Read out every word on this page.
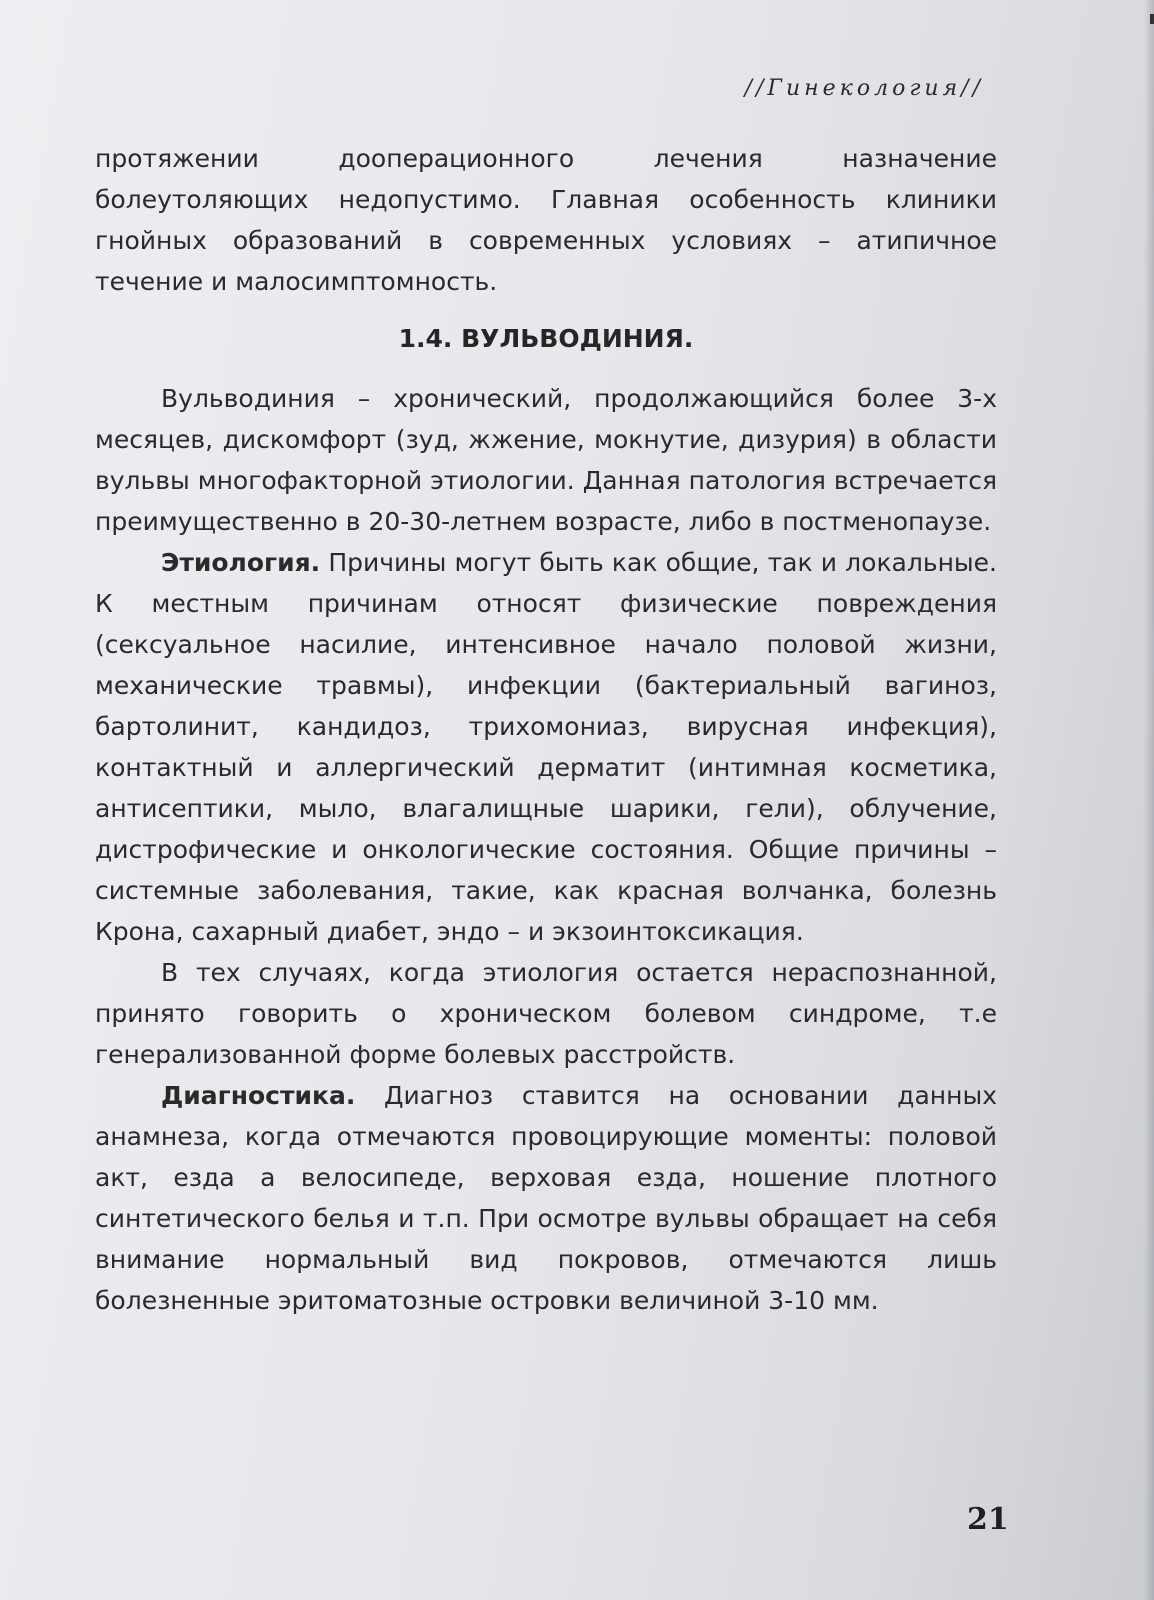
//Гинекология//

протяжении дооперационного лечения назначение болеутоляющих недопустимо. Главная особенность клиники гнойных образований в современных условиях – атипичное течение и малосимптомность.

1.4. ВУЛЬВОДИНИЯ.

Вульводиния – хронический, продолжающийся более 3-х месяцев, дискомфорт (зуд, жжение, мокнутие, дизурия) в области вульвы многофакторной этиологии. Данная патология встречается преимущественно в 20-30-летнем возрасте, либо в постменопаузе.

Этиология. Причины могут быть как общие, так и локальные. К местным причинам относят физические повреждения (сексуальное насилие, интенсивное начало половой жизни, механические травмы), инфекции (бактериальный вагиноз, бартолинит, кандидоз, трихомониаз, вирусная инфекция), контактный и аллергический дерматит (интимная косметика, антисептики, мыло, влагалищные шарики, гели), облучение, дистрофические и онкологические состояния. Общие причины – системные заболевания, такие, как красная волчанка, болезнь Крона, сахарный диабет, эндо – и экзоинтоксикация.

В тех случаях, когда этиология остается нераспознанной, принято говорить о хроническом болевом синдроме, т.е генерализованной форме болевых расстройств.

Диагностика. Диагноз ставится на основании данных анамнеза, когда отмечаются провоцирующие моменты: половой акт, езда а велосипеде, верховая езда, ношение плотного синтетического белья и т.п. При осмотре вульвы обращает на себя внимание нормальный вид покровов, отмечаются лишь болезненные эритоматозные островки величиной 3-10 мм.

21
